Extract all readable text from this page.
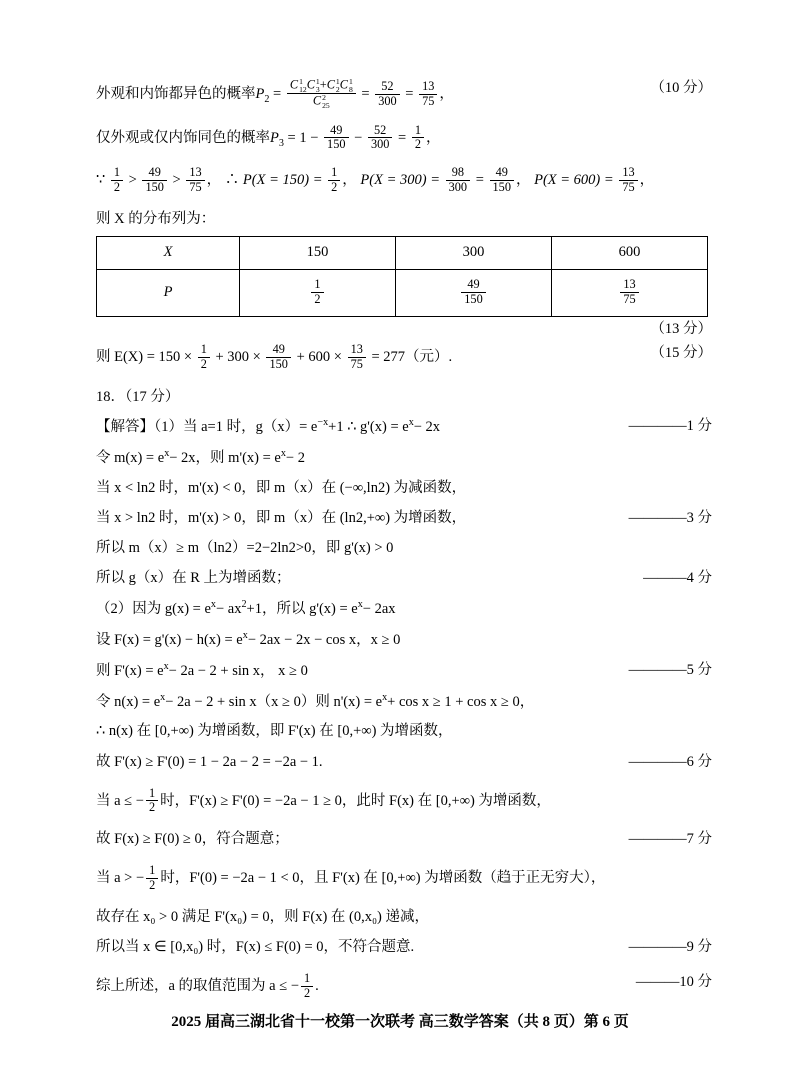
外观和内饰都异色的概率$P_2 = C$ 1
12 C 1
3 +C 1
2 C 1
8
C 2
$25 = \frac{52}{300} = \frac{13}{75}$ ，	（10 分）
仅外观或仅内饰同色的概率$P_3 = 1 - \frac{49}{150} - \frac{52}{300} = \frac{1}{2}$ ，
∵ $\frac{1}{2} > \frac{49}{150} > \frac{13}{75}$ ， ∴ $P(X = 150) = \frac{1}{2}$ ， $P(X = 300) = \frac{98}{300} = \frac{49}{150}$ ， $P(X = 600) = \frac{13}{75}$ ，
则 X 的分布列为：
X	150	300	600
P	$\frac{1}{2}$	$\frac{49}{150}$	$\frac{13}{75}$
（13 分）
则 $E(X) = 150 \times \frac{1}{2} + 300 \times \frac{49}{150} + 600 \times \frac{13}{75} = 277$（元）.	（15 分）
18．（17 分）
【解答】（1）当 a=1 时，$g(x)= e^{-x}+1$ ∴ $g'(x) = e^x- 2x$	————1 分
令 $m(x) = e^x- 2x$，则 $m'(x) = e^x- 2$
当 x < ln2 时，m'(x) < 0，即 m（x）在 (−∞,ln2) 为减函数，
当 x > ln2 时，m'(x) > 0，即 m（x）在 (ln2,+∞) 为增函数，	————3 分
所以 m（x）≥ m（ln2）=2−2ln2>0，即 g'(x) > 0
所以 g（x）在 R 上为增函数；	———4 分
（2）因为 $g(x) = e^x- ax^2+1$，所以 $g'(x) = e^x- 2ax$
设 $F(x) = g'(x) - h(x) = e^x- 2ax - 2x - \cos x$，x ≥ 0
则 $F'(x) = e^x- 2a - 2 + \sin x$， x ≥ 0	————5 分
令 $n(x) = e^x- 2a - 2 + \sin x(x \ge 0)$则 $n'(x) = e^x+ \cos x \ge 1 + \cos x \ge 0$，
∴ n(x) 在 [0,+∞) 为增函数，即 F'(x) 在 [0,+∞) 为增函数，
故 F'(x) ≥ F'(0) = 1 − 2a − 2 = −2a − 1.	————6 分
当 a ≤ − $\frac{1}{2}$ 时，F'(x) ≥ F'(0) = −2a − 1 ≥ 0，此时 F(x) 在 [0,+∞) 为增函数，
故 F(x) ≥ F(0) ≥ 0，符合题意；	————7 分
当 a > − $\frac{1}{2}$ 时，F'(0) = −2a − 1 < 0，且 F'(x) 在 [0,+∞) 为增函数（趋于正无穷大），
故存在 x₀ > 0 满足 F'(x₀) = 0，则 F(x) 在 (0,x₀) 递减，
所以当 x ∈ [0,x₀) 时，F(x) ≤ F(0) = 0，不符合题意.	————9 分
综上所述，a 的取值范围为 a ≤ − $\frac{1}{2}$ .	———10 分
2025 届高三湖北省十一校第一次联考 高三数学答案（共 8 页）第 6 页
